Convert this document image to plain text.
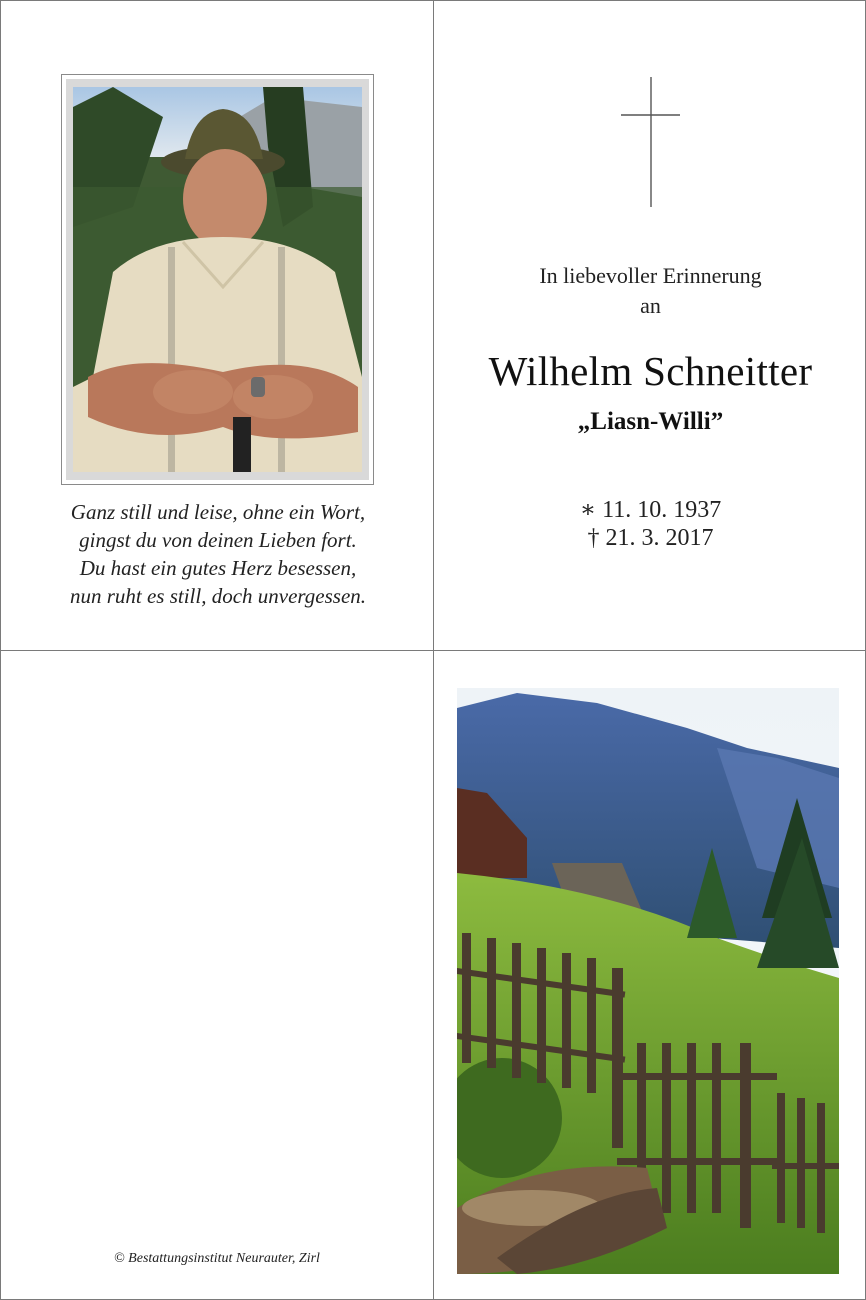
Ganz still und leise, ohne ein Wort,
gingst du von deinen Lieben fort.
Du hast ein gutes Herz besessen,
nun ruht es still, doch unvergessen.
In liebevoller Erinnerung
an
Wilhelm Schneitter
„Liasn-Willi”
∗ 11. 10. 1937
† 21. 3. 2017
© Bestattungsinstitut Neurauter, Zirl
